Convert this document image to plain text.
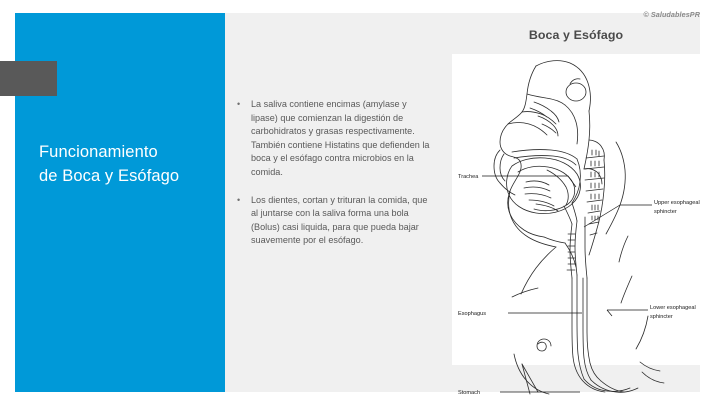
Funcionamiento
de Boca y Esófago
© SaludablesPR
Boca y Esófago
•	La saliva contiene encimas (amylase y lipase) que comienzan la digestión de carbohidratos y grasas respectivamente. También contiene Histatins que defienden la boca y el esófago contra microbios en la comida.
•	Los dientes, cortan y trituran la comida, que al juntarse con la saliva forma una bola (Bolus) casi liquida, para que pueda bajar suavemente por el esófago.
Trachea
Upper esophageal
sphincter
Esophagus
Lower esophageal
sphincter
Stomach
